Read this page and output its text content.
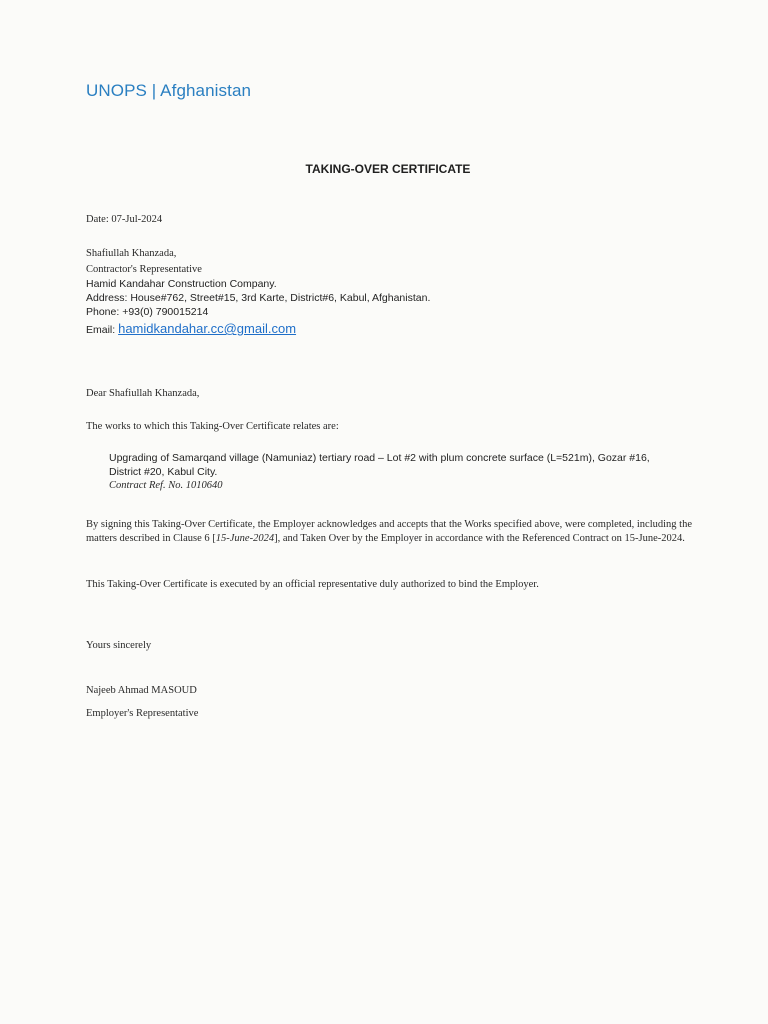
UNOPS | Afghanistan
TAKING-OVER CERTIFICATE
Date: 07-Jul-2024
Shafiullah Khanzada,
Contractor's Representative
Hamid Kandahar Construction Company.
Address: House#762, Street#15, 3rd Karte, District#6, Kabul, Afghanistan.
Phone: +93(0) 790015214
Email: hamidkandahar.cc@gmail.com
Dear Shafiullah Khanzada,
The works to which this Taking-Over Certificate relates are:
Upgrading of Samarqand village (Namuniaz) tertiary road – Lot #2 with plum concrete surface (L=521m), Gozar #16,
District #20, Kabul City.
Contract Ref. No. 1010640
By signing this Taking-Over Certificate, the Employer acknowledges and accepts that the Works specified above, were completed, including the matters described in Clause 6 [15-June-2024], and Taken Over by the Employer in accordance with the Referenced Contract on 15-June-2024.
This Taking-Over Certificate is executed by an official representative duly authorized to bind the Employer.
Yours sincerely
Najeeb Ahmad MASOUD
Employer's Representative
